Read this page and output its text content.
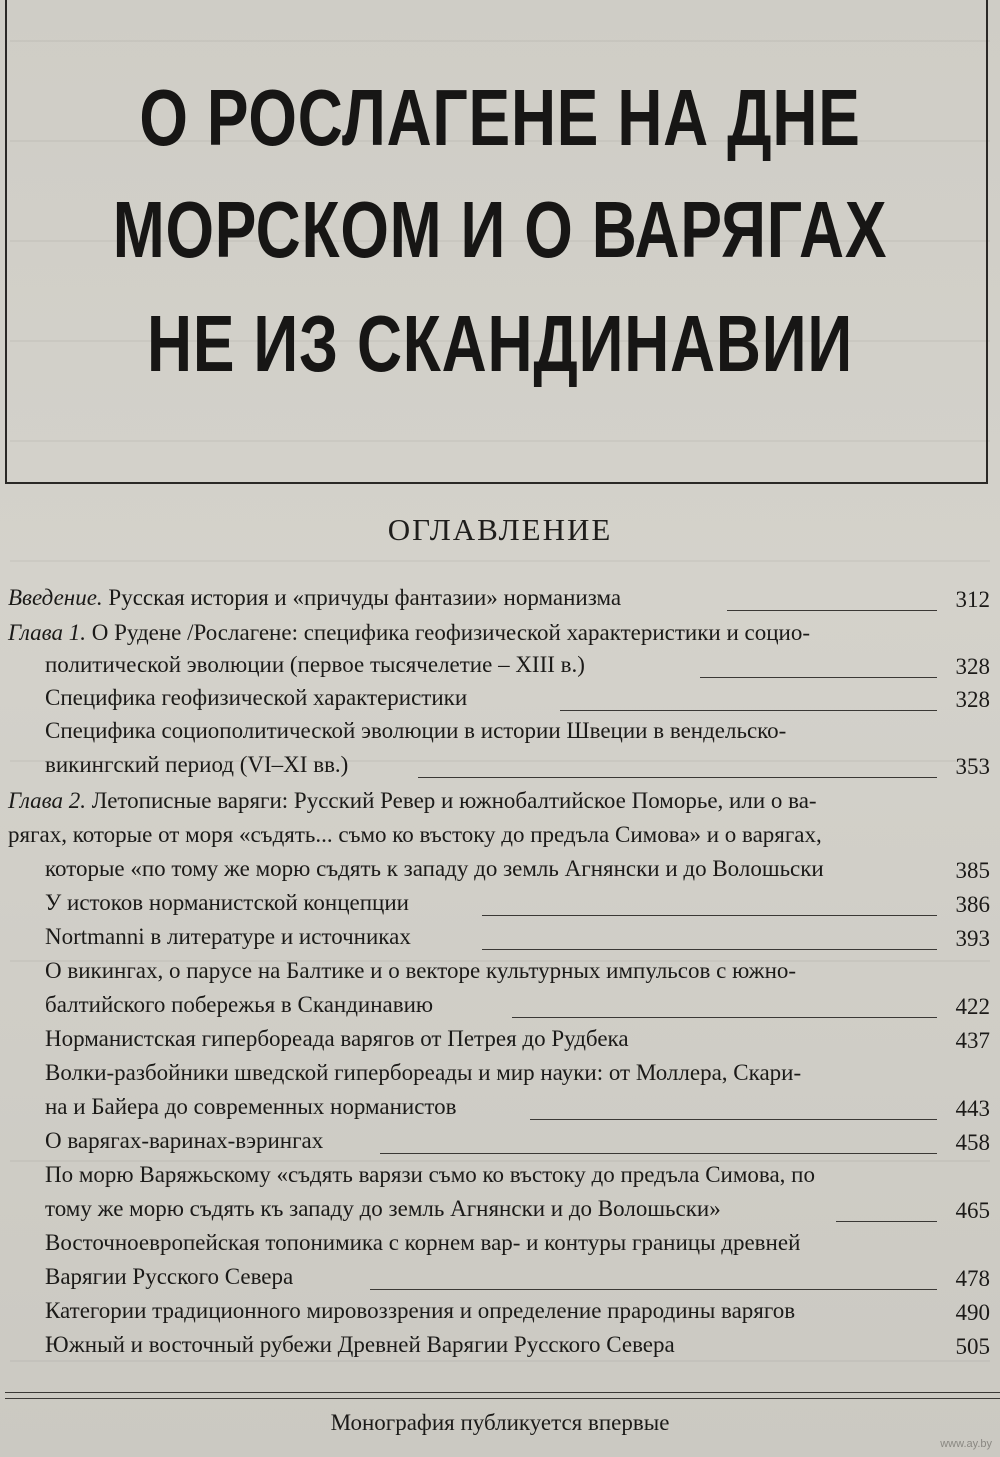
О РОСЛАГЕНЕ НА ДНЕ
МОРСКОМ И О ВАРЯГАХ
НЕ ИЗ СКАНДИНАВИИ
ОГЛАВЛЕНИЕ
Введение. Русская история и «причуды фантазии» норманизма	312
Глава 1. О Рудене /Рослагене: специфика геофизической характеристики и социо-
политической эволюции (первое тысячелетие – XIII в.)	328
Специфика геофизической характеристики	328
Специфика социополитической эволюции в истории Швеции в вендельско-
викингский период (VI–XI вв.)	353
Глава 2. Летописные варяги: Русский Ревер и южнобалтийское Поморье, или о ва-
рягах, которые от моря «съдять... съмо ко въстоку до предъла Симова» и о варягах,
которые «по тому же морю съдять к западу до земль Агнянски и до Волошьски	385
У истоков норманистской концепции	386
Nortmanni в литературе и источниках	393
О викингах, о парусе на Балтике и о векторе культурных импульсов с южно-
балтийского побережья в Скандинавию	422
Норманистская гипербореада варягов от Петрея до Рудбека	437
Волки-разбойники шведской гипербореады и мир науки: от Моллера, Скари-
на и Байера до современных норманистов	443
О варягах-варинах-вэрингах	458
По морю Варяжьскому «съдять варязи съмо ко въстоку до предъла Симова, по
тому же морю съдять къ западу до земль Агнянски и до Волошьски»	465
Восточноевропейская топонимика с корнем вар- и контуры границы древней
Варягии Русского Севера	478
Категории традиционного мировоззрения и определение прародины варягов	490
Южный и восточный рубежи Древней Варягии Русского Севера	505
Монография публикуется впервые
www.ay.by
